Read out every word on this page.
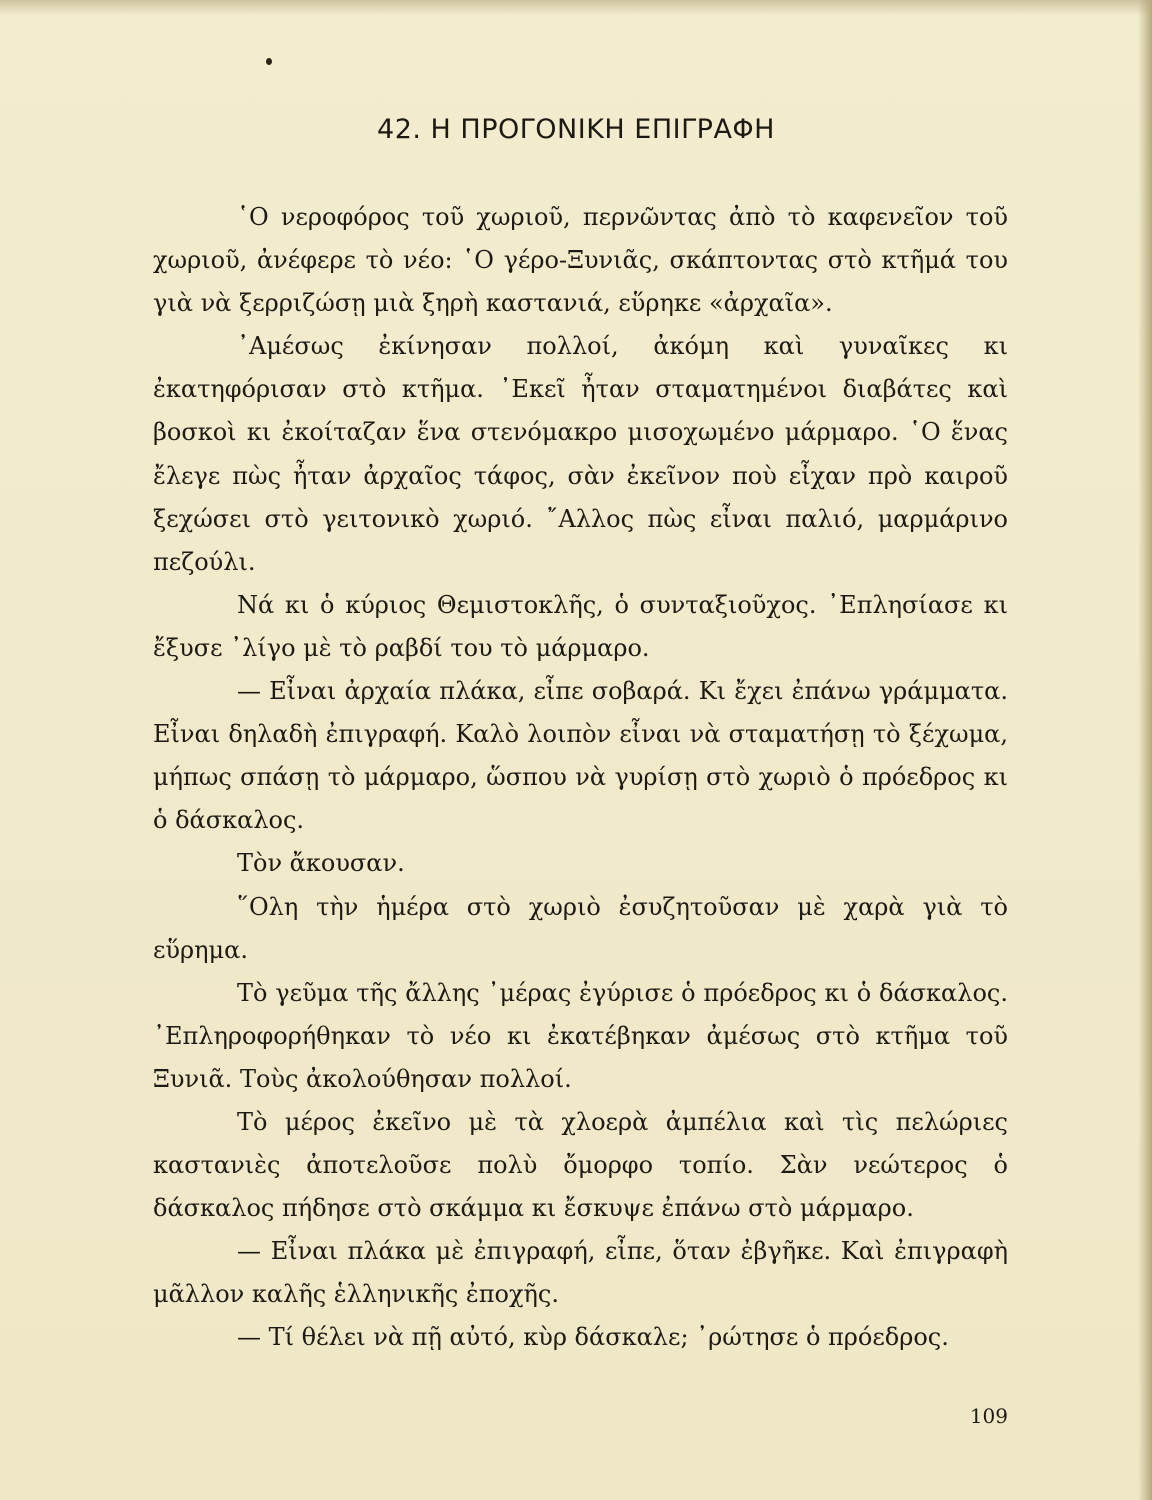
42. Η ΠΡΟΓΟΝΙΚΗ ΕΠΙΓΡΑΦΗ

῾Ο νεροφόρος τοῦ χωριοῦ, περνῶντας ἀπὸ τὸ καφενεῖον τοῦ χωριοῦ, ἀνέφερε τὸ νέο: ῾Ο γέρο-Ξυνιᾶς, σκάπτοντας στὸ κτῆμά του γιὰ νὰ ξερριζώσῃ μιὰ ξηρὴ καστανιά, εὕρηκε «ἀρχαῖα».

᾿Αμέσως ἐκίνησαν πολλοί, ἀκόμη καὶ γυναῖκες κι ἐκατηφόρισαν στὸ κτῆμα. ᾿Εκεῖ ἦταν σταματημένοι διαβάτες καὶ βοσκοὶ κι ἐκοίταζαν ἕνα στενόμακρο μισοχωμένο μάρμαρο. ῾Ο ἕνας ἔλεγε πὼς ἦταν ἀρχαῖος τάφος, σὰν ἐκεῖνον ποὺ εἶχαν πρὸ καιροῦ ξεχώσει στὸ γειτονικὸ χωριό. ῎Αλλος πὼς εἶναι παλιό, μαρμάρινο πεζούλι.

Νά κι ὁ κύριος Θεμιστοκλῆς, ὁ συνταξιοῦχος. ᾿Επλησίασε κι ἔξυσε ᾿λίγο μὲ τὸ ραβδί του τὸ μάρμαρο.

— Εἶναι ἀρχαία πλάκα, εἶπε σοβαρά. Κι ἔχει ἐπάνω γράμματα. Εἶναι δηλαδὴ ἐπιγραφή. Καλὸ λοιπὸν εἶναι νὰ σταματήσῃ τὸ ξέχωμα, μήπως σπάσῃ τὸ μάρμαρο, ὥσπου νὰ γυρίσῃ στὸ χωριὸ ὁ πρόεδρος κι ὁ δάσκαλος.

Τὸν ἄκουσαν.

῞Ολη τὴν ἡμέρα στὸ χωριὸ ἐσυζητοῦσαν μὲ χαρὰ γιὰ τὸ εὕρημα.

Τὸ γεῦμα τῆς ἄλλης ᾿μέρας ἐγύρισε ὁ πρόεδρος κι ὁ δάσκαλος. ᾿Επληροφορήθηκαν τὸ νέο κι ἐκατέβηκαν ἀμέσως στὸ κτῆμα τοῦ Ξυνιᾶ. Τοὺς ἀκολούθησαν πολλοί.

Τὸ μέρος ἐκεῖνο μὲ τὰ χλοερὰ ἀμπέλια καὶ τὶς πελώριες καστανιὲς ἀποτελοῦσε πολὺ ὄμορφο τοπίο. Σὰν νεώτερος ὁ δάσκαλος πήδησε στὸ σκάμμα κι ἔσκυψε ἐπάνω στὸ μάρμαρο.

— Εἶναι πλάκα μὲ ἐπιγραφή, εἶπε, ὅταν ἐβγῆκε. Καὶ ἐπιγραφὴ μᾶλλον καλῆς ἑλληνικῆς ἐποχῆς.

— Τί θέλει νὰ πῇ αὐτό, κὺρ δάσκαλε; ᾿ρώτησε ὁ πρόεδρος.

109
